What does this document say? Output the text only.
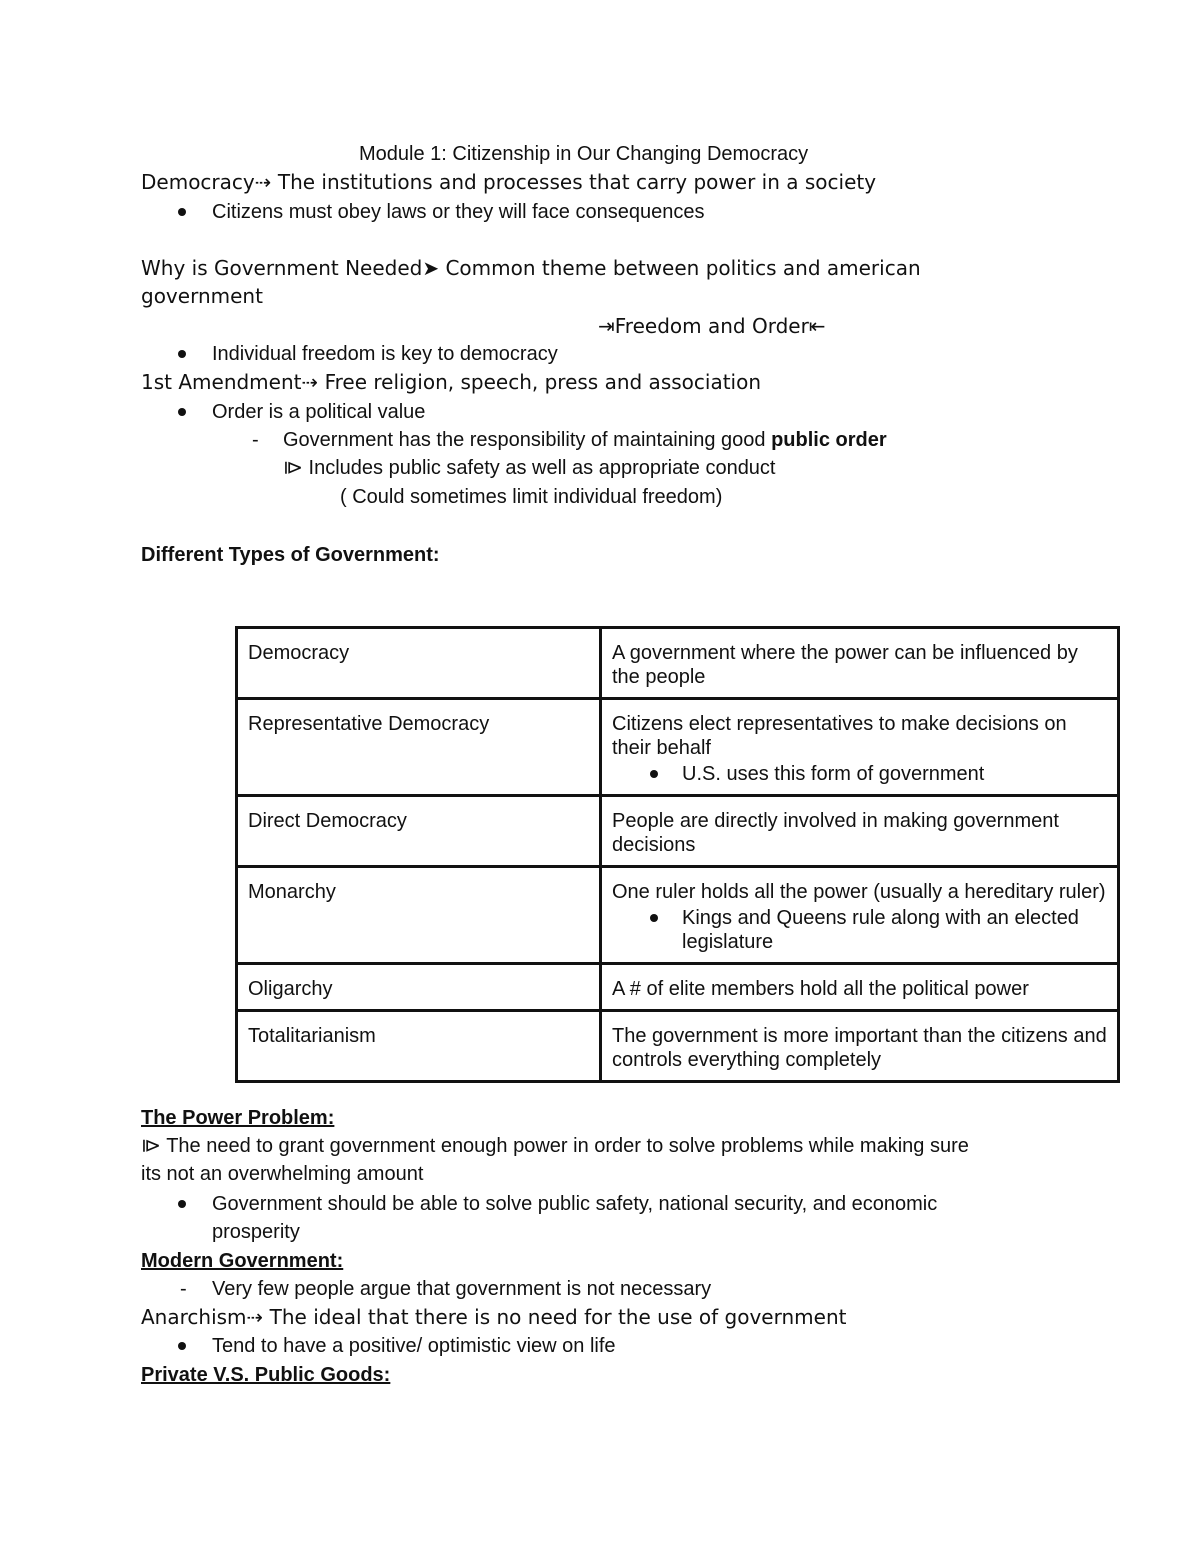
Module 1: Citizenship in Our Changing Democracy
Democracy⇢ The institutions and processes that carry power in a society
Citizens must obey laws or they will face consequences
Why is Government Needed➤ Common theme between politics and american
government
⇥Freedom and Order⇤
Individual freedom is key to democracy
1st Amendment⇢ Free religion, speech, press and association
Order is a political value
- Government has the responsibility of maintaining good public order
⧐ Includes public safety as well as appropriate conduct
( Could sometimes limit individual freedom)
Different Types of Government:
Democracy	A government where the power can be influenced by the people

Representative Democracy	Citizens elect representatives to make decisions on their behalf
U.S. uses this form of government

Direct Democracy	People are directly involved in making government decisions

Monarchy	One ruler holds all the power (usually a hereditary ruler)
Kings and Queens rule along with an elected legislature

Oligarchy	A # of elite members hold all the political power

Totalitarianism	The government is more important than the citizens and controls everything completely
The Power Problem:
⧐ The need to grant government enough power in order to solve problems while making sure
its not an overwhelming amount
Government should be able to solve public safety, national security, and economic
prosperity
Modern Government:
- Very few people argue that government is not necessary
Anarchism⇢ The ideal that there is no need for the use of government
Tend to have a positive/ optimistic view on life
Private V.S. Public Goods:
